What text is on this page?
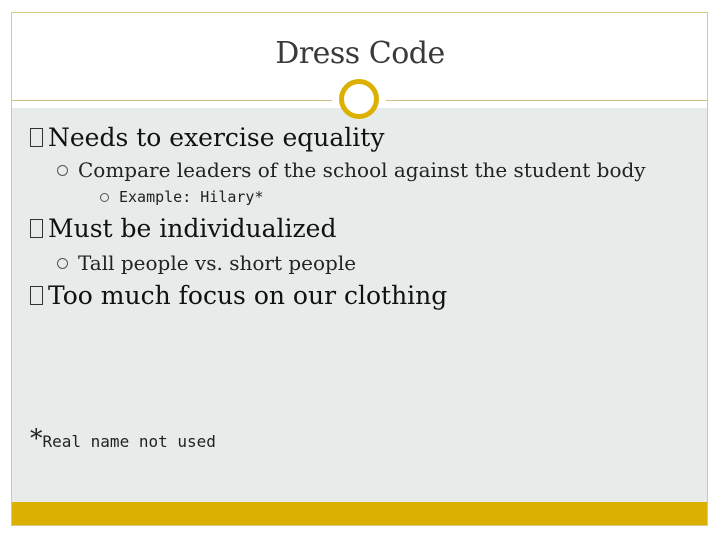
Dress Code
Needs to exercise equality
Compare leaders of the school against the student body
Example: Hilary*
Must be individualized
Tall people vs. short people
Too much focus on our clothing
*Real name not used
